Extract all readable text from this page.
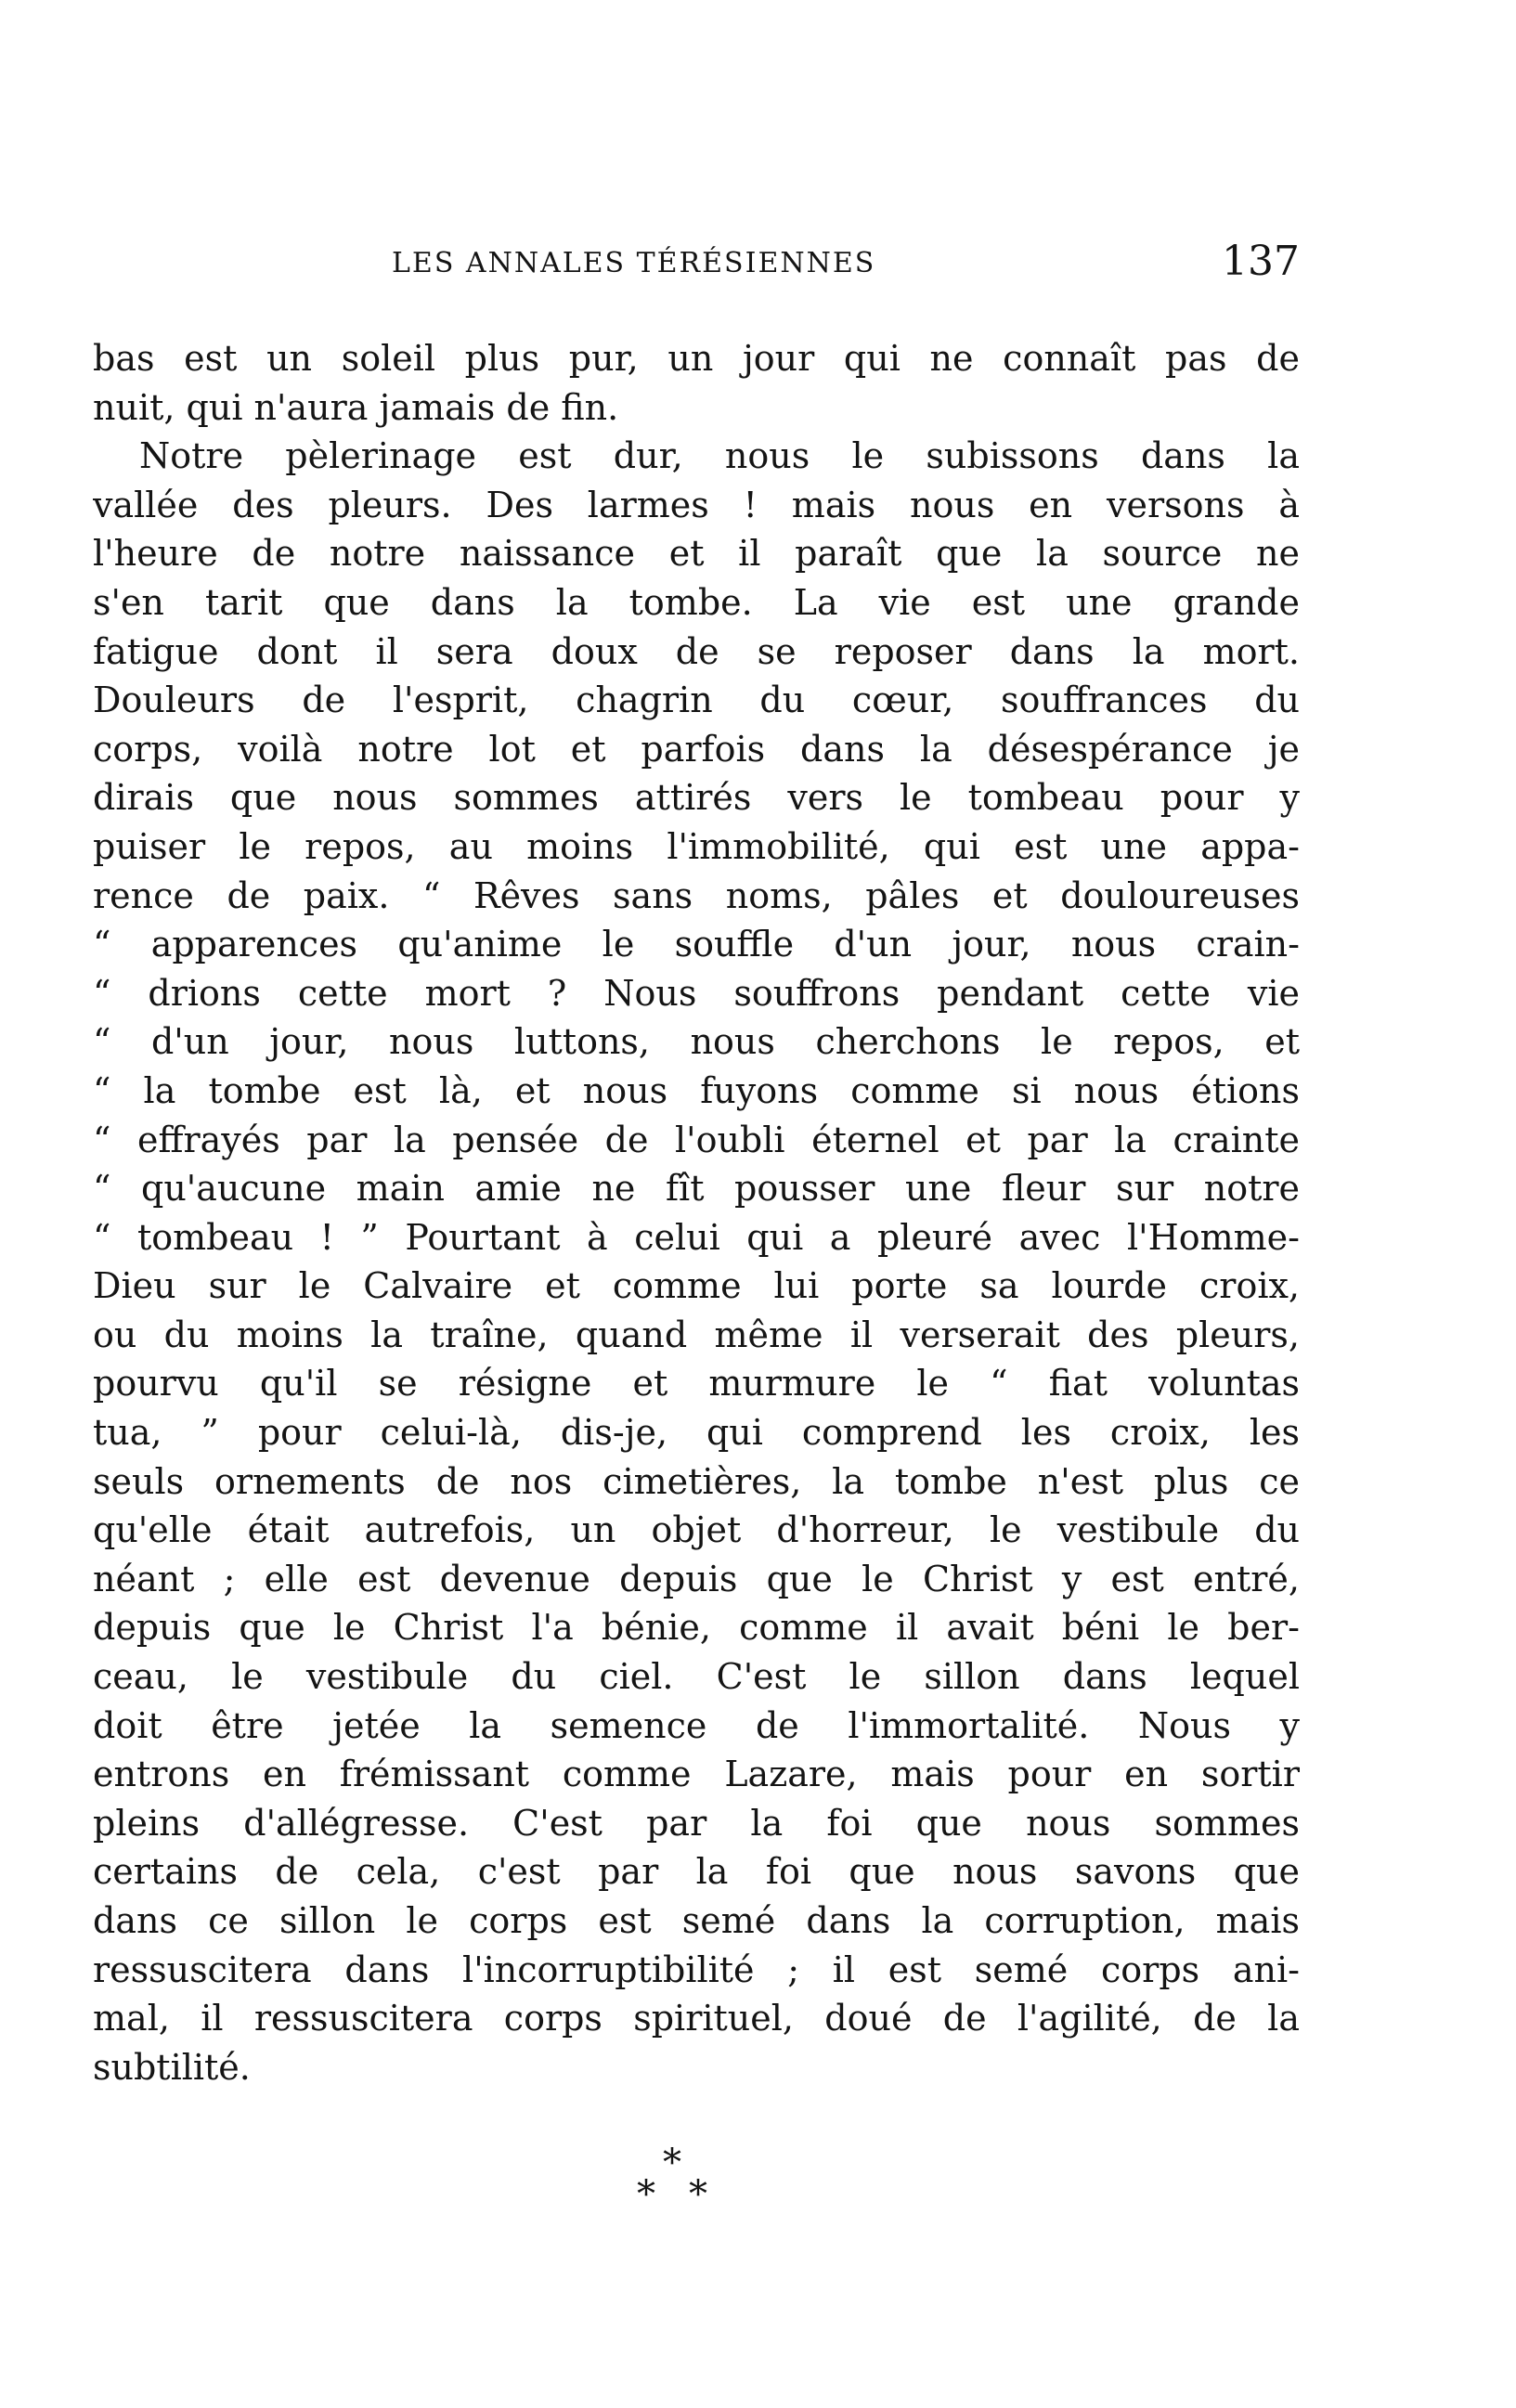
LES ANNALES TÉRÉSIENNES	137
bas est un soleil plus pur, un jour qui ne connaît pas de
nuit, qui n'aura jamais de fin.
Notre pèlerinage est dur, nous le subissons dans la
vallée des pleurs. Des larmes ! mais nous en versons à
l'heure de notre naissance et il paraît que la source ne
s'en tarit que dans la tombe. La vie est une grande
fatigue dont il sera doux de se reposer dans la mort.
Douleurs de l'esprit, chagrin du cœur, souffrances du
corps, voilà notre lot et parfois dans la désespérance je
dirais que nous sommes attirés vers le tombeau pour y
puiser le repos, au moins l'immobilité, qui est une appa-
rence de paix. “ Rêves sans noms, pâles et douloureuses
“ apparences qu'anime le souffle d'un jour, nous crain-
“ drions cette mort ? Nous souffrons pendant cette vie
“ d'un jour, nous luttons, nous cherchons le repos, et
“ la tombe est là, et nous fuyons comme si nous étions
“ effrayés par la pensée de l'oubli éternel et par la crainte
“ qu'aucune main amie ne fît pousser une fleur sur notre
“ tombeau ! ” Pourtant à celui qui a pleuré avec l'Homme-
Dieu sur le Calvaire et comme lui porte sa lourde croix,
ou du moins la traîne, quand même il verserait des pleurs,
pourvu qu'il se résigne et murmure le “ fiat voluntas
tua, ” pour celui-là, dis-je, qui comprend les croix, les
seuls ornements de nos cimetières, la tombe n'est plus ce
qu'elle était autrefois, un objet d'horreur, le vestibule du
néant ; elle est devenue depuis que le Christ y est entré,
depuis que le Christ l'a bénie, comme il avait béni le ber-
ceau, le vestibule du ciel. C'est le sillon dans lequel
doit être jetée la semence de l'immortalité. Nous y
entrons en frémissant comme Lazare, mais pour en sortir
pleins d'allégresse. C'est par la foi que nous sommes
certains de cela, c'est par la foi que nous savons que
dans ce sillon le corps est semé dans la corruption, mais
ressuscitera dans l'incorruptibilité ; il est semé corps ani-
mal, il ressuscitera corps spirituel, doué de l'agilité, de la
subtilité.
*
* *
